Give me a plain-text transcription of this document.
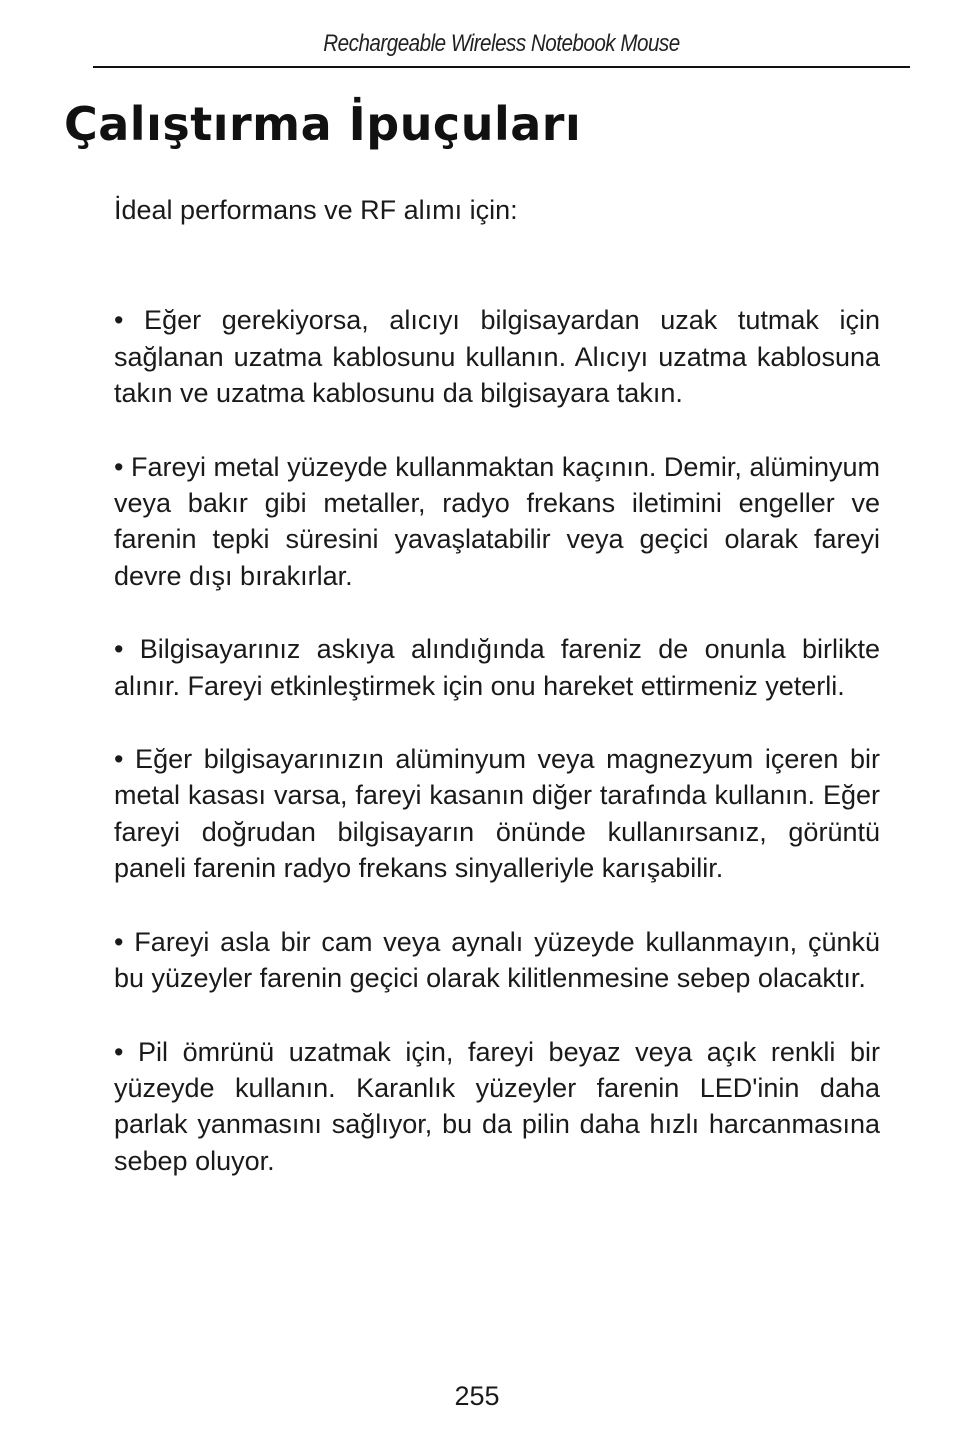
Rechargeable Wireless Notebook Mouse
Çalıştırma İpuçuları

İdeal performans ve RF alımı için:

• Eğer gerekiyorsa, alıcıyı bilgisayardan uzak tutmak için sağlanan uzatma kablosunu kullanın. Alıcıyı uzatma kablosuna takın ve uzatma kablosunu da bilgisayara takın.

• Fareyi metal yüzeyde kullanmaktan kaçının. Demir, alüminyum veya bakır gibi metaller, radyo frekans iletimini engeller ve farenin tepki süresini yavaşlatabilir veya geçici olarak fareyi devre dışı bırakırlar.

• Bilgisayarınız askıya alındığında fareniz de onunla birlikte alınır. Fareyi etkinleştirmek için onu hareket ettirmeniz yeterli.

• Eğer bilgisayarınızın alüminyum veya magnezyum içeren bir metal kasası varsa, fareyi kasanın diğer tarafında kullanın. Eğer fareyi doğrudan bilgisayarın önünde kullanırsanız, görüntü paneli farenin radyo frekans sinyalleriyle karışabilir.

• Fareyi asla bir cam veya aynalı yüzeyde kullanmayın, çünkü bu yüzeyler farenin geçici olarak kilitlenmesine sebep olacaktır.

• Pil ömrünü uzatmak için, fareyi beyaz veya açık renkli bir yüzeyde kullanın. Karanlık yüzeyler farenin LED'inin daha parlak yanmasını sağlıyor, bu da pilin daha hızlı harcanmasına sebep oluyor.

255
